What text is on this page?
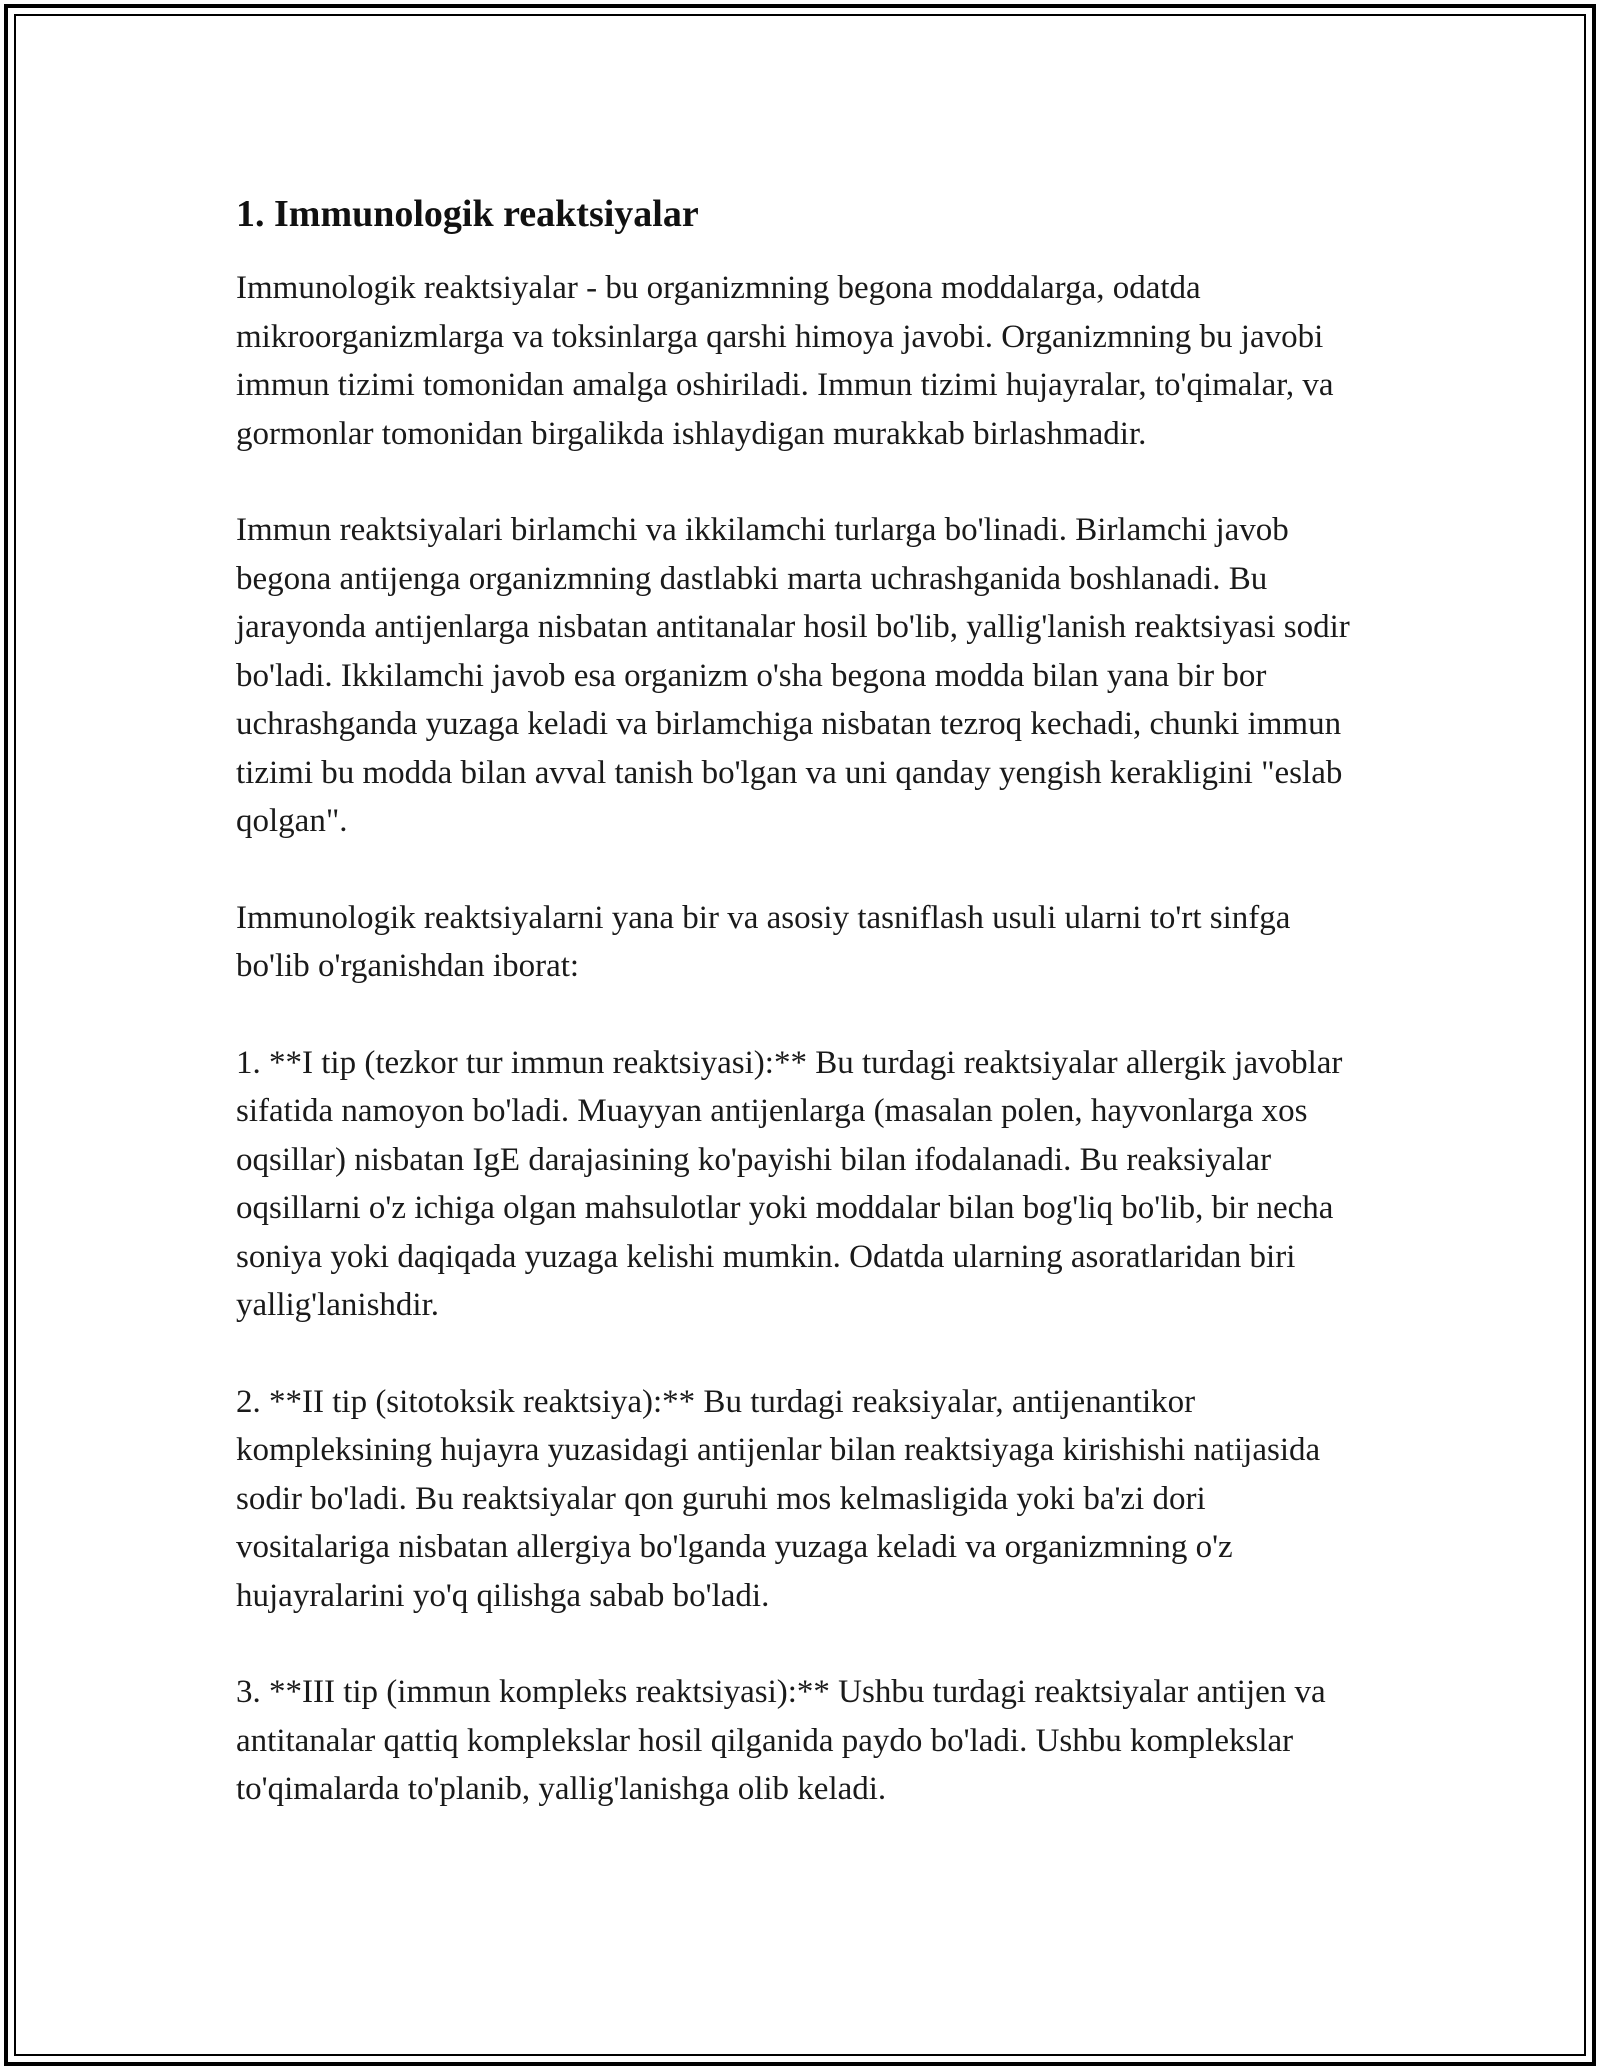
1. Immunologik reaktsiyalar

Immunologik reaktsiyalar - bu organizmning begona moddalarga, odatda mikroorganizmlarga va toksinlarga qarshi himoya javobi. Organizmning bu javobi immun tizimi tomonidan amalga oshiriladi. Immun tizimi hujayralar, to'qimalar, va gormonlar tomonidan birgalikda ishlaydigan murakkab birlashmadir.

Immun reaktsiyalari birlamchi va ikkilamchi turlarga bo'linadi. Birlamchi javob begona antijenga organizmning dastlabki marta uchrashganida boshlanadi. Bu jarayonda antijenlarga nisbatan antitanalar hosil bo'lib, yallig'lanish reaktsiyasi sodir bo'ladi. Ikkilamchi javob esa organizm o'sha begona modda bilan yana bir bor uchrashganda yuzaga keladi va birlamchiga nisbatan tezroq kechadi, chunki immun tizimi bu modda bilan avval tanish bo'lgan va uni qanday yengish kerakligini "eslab qolgan".

Immunologik reaktsiyalarni yana bir va asosiy tasniflash usuli ularni to'rt sinfga bo'lib o'rganishdan iborat:

1. **I tip (tezkor tur immun reaktsiyasi):** Bu turdagi reaktsiyalar allergik javoblar sifatida namoyon bo'ladi. Muayyan antijenlarga (masalan polen, hayvonlarga xos oqsillar) nisbatan IgE darajasining ko'payishi bilan ifodalanadi. Bu reaksiyalar oqsillarni o'z ichiga olgan mahsulotlar yoki moddalar bilan bog'liq bo'lib, bir necha soniya yoki daqiqada yuzaga kelishi mumkin. Odatda ularning asoratlaridan biri yallig'lanishdir.

2. **II tip (sitotoksik reaktsiya):** Bu turdagi reaksiyalar, antijenantikor kompleksining hujayra yuzasidagi antijenlar bilan reaktsiyaga kirishishi natijasida sodir bo'ladi. Bu reaktsiyalar qon guruhi mos kelmasligida yoki ba'zi dori vositalariga nisbatan allergiya bo'lganda yuzaga keladi va organizmning o'z hujayralarini yo'q qilishga sabab bo'ladi.

3. **III tip (immun kompleks reaktsiyasi):** Ushbu turdagi reaktsiyalar antijen va antitanalar qattiq komplekslar hosil qilganida paydo bo'ladi. Ushbu komplekslar to'qimalarda to'planib, yallig'lanishga olib keladi.
